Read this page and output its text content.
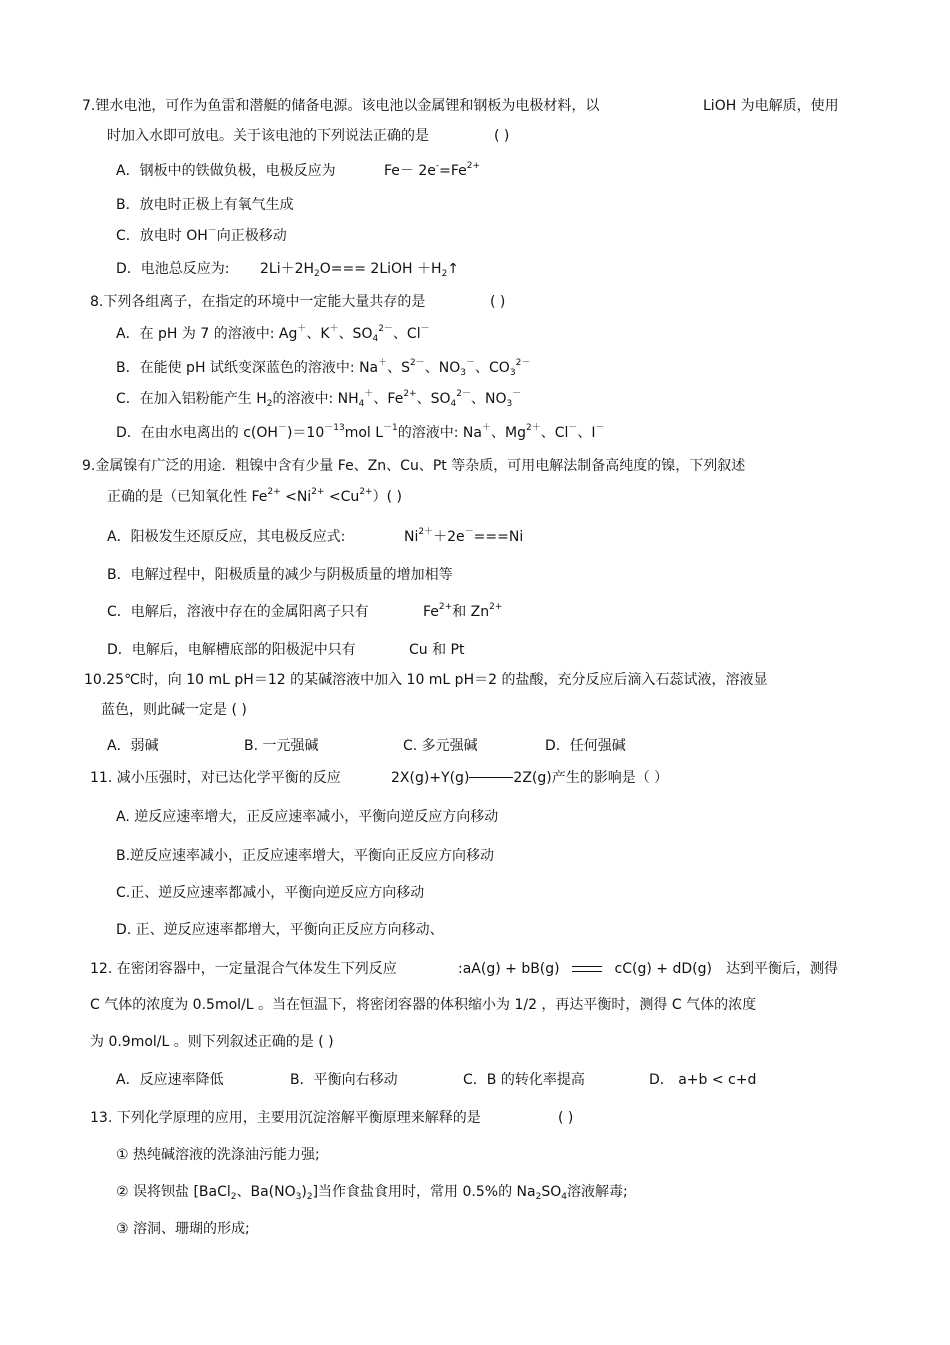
7.锂水电池，可作为鱼雷和潜艇的储备电源。该电池以金属锂和钢板为电极材料，以	LiOH 为电解质，使用
时加入水即可放电。关于该电池的下列说法正确的是	( )
A．钢板中的铁做负极，电极反应为	$Fe- 2e^-=Fe^{2+}$
B．放电时正极上有氧气生成
C．放电时 OH－向正极移动
D．电池总反应为: $2Li+2H_2O===$ 2LiOH $+H_2↑$
8.下列各组离子，在指定的环境中一定能大量共存的是	( )
A．在 pH 为 7 的溶液中: Ag＋、K＋、$SO_4^{2-}$、Cl－
B．在能使 pH 试纸变深蓝色的溶液中: Na＋、$S^{2-}$、$NO_3^-$、$CO_3^{2-}$
C．在加入铝粉能产生 $H_2$的溶液中: $NH_4^+$、$Fe^{2+}$、$SO_4^{2-}$、$NO_3^-$
D．在由水电离出的 $c(OH^-)=10^{-13}mol$ $L^{-1}$的溶液中: Na＋、$Mg^{2+}$、Cl－、I－
9.金属镍有广泛的用途．粗镍中含有少量 Fe、Zn、Cu、Pt 等杂质，可用电解法制备高纯度的镍，下列叙述
正确的是（已知氧化性 $Fe^{2+} <Ni^{2+} <Cu^{2+}$）( )
A．阳极发生还原反应，其电极反应式:	$Ni^{2+}+2e^-===Ni$
B．电解过程中，阳极质量的减少与阴极质量的增加相等
C．电解后，溶液中存在的金属阳离子只有	$Fe^{2+}$和 $Zn^{2+}$
D．电解后，电解槽底部的阳极泥中只有	Cu 和 Pt
10.25℃时，向 10 mL pH＝12 的某碱溶液中加入 10 mL pH＝2 的盐酸，充分反应后滴入石蕊试液，溶液显
蓝色，则此碱一定是 ( )
A．弱碱	B. 一元强碱	C. 多元强碱	D．任何强碱
11. 减小压强时，对已达化学平衡的反应	2X(g)+Y(g)	2Z(g)产生的影响是（ ）
A. 逆反应速率增大，正反应速率减小，平衡向逆反应方向移动
B.逆反应速率减小，正反应速率增大，平衡向正反应方向移动
C.正、逆反应速率都减小，平衡向逆反应方向移动
D. 正、逆反应速率都增大，平衡向正反应方向移动、
12. 在密闭容器中，一定量混合气体发生下列反应	:aA(g) + bB(g)	cC(g) + dD(g) 达到平衡后，测得
C 气体的浓度为 0.5mol/L 。当在恒温下，将密闭容器的体积缩小为 1/2 ，再达平衡时，测得 C 气体的浓度
为 0.9mol/L 。则下列叙述正确的是 ( )
A．反应速率降低	B．平衡向右移动	C．B 的转化率提高	D． a+b < c+d
13. 下列化学原理的应用，主要用沉淀溶解平衡原理来解释的是	( )
① 热纯碱溶液的洗涤油污能力强;
② 误将钡盐 [BaCl$_2$、$Ba(NO_3)_2$]当作食盐食用时，常用 0.5%的 $Na_2SO_4$溶液解毒;
③ 溶洞、珊瑚的形成;
